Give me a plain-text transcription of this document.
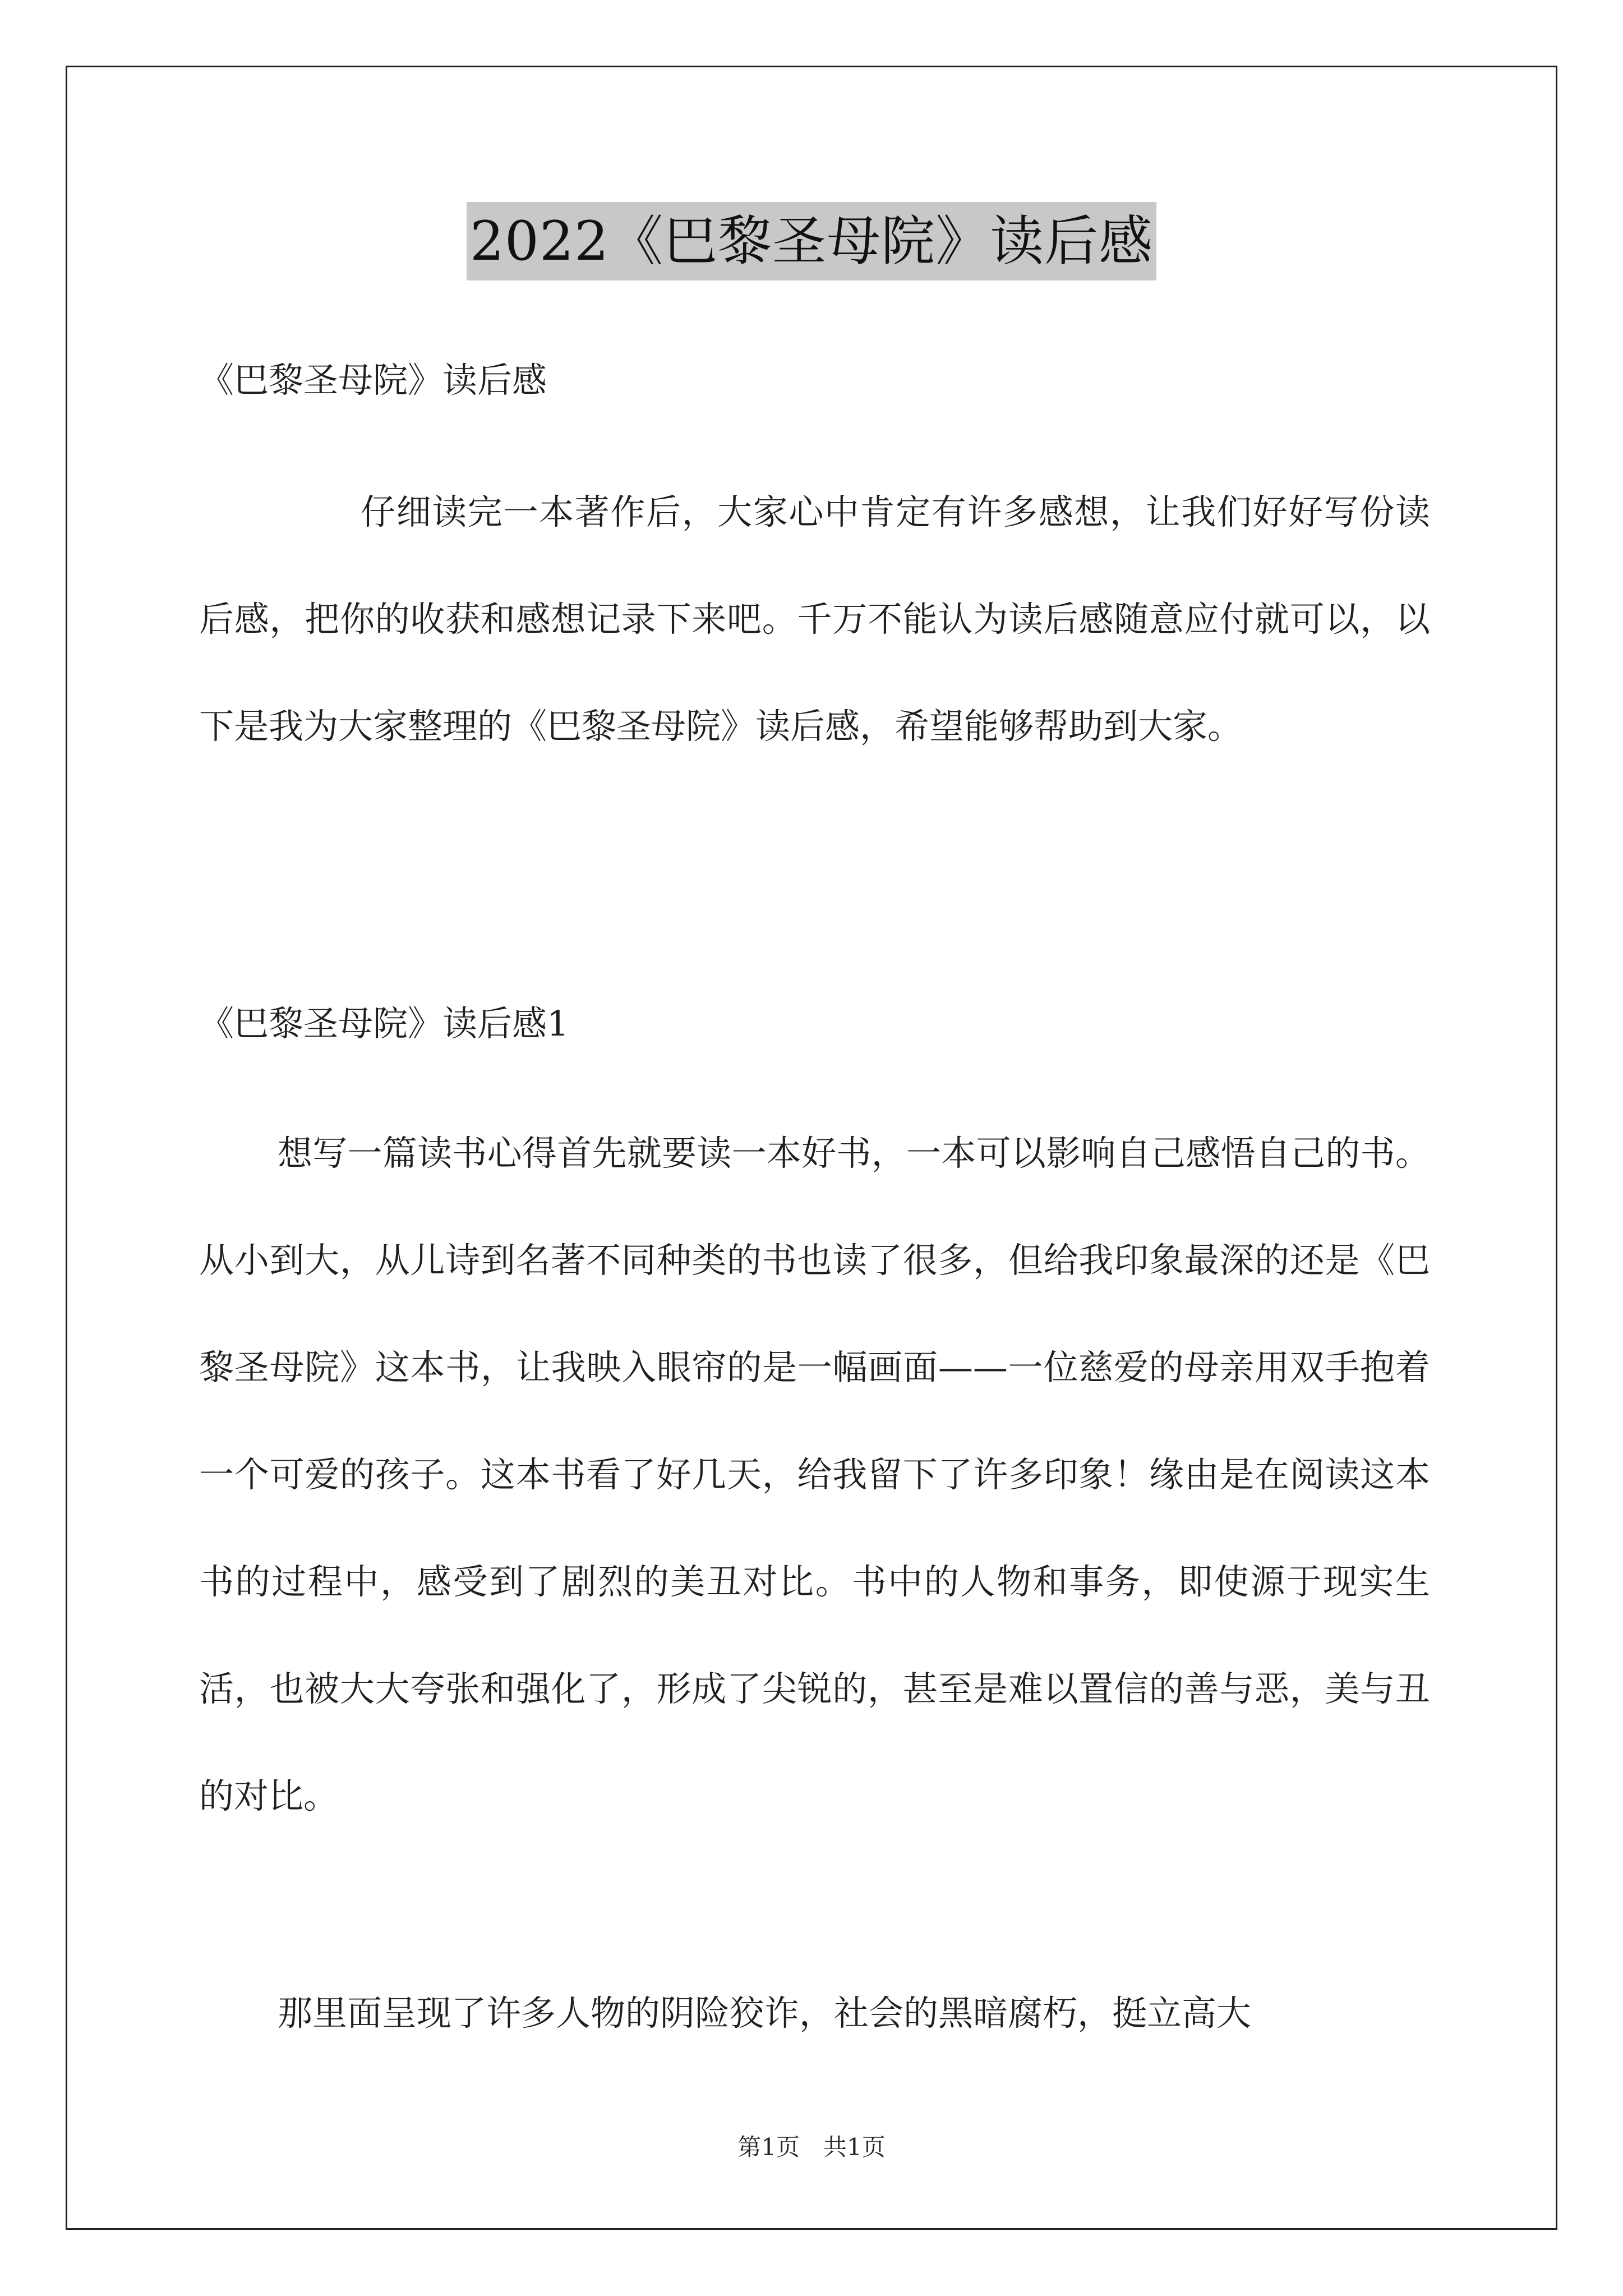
2022《巴黎圣母院》读后感
《巴黎圣母院》读后感
仔细读完一本著作后，大家心中肯定有许多感想，让我们好好写份读后感，把你的收获和感想记录下来吧。千万不能认为读后感随意应付就可以，以下是我为大家整理的《巴黎圣母院》读后感，希望能够帮助到大家。
《巴黎圣母院》读后感1
想写一篇读书心得首先就要读一本好书，一本可以影响自己感悟自己的书。从小到大，从儿诗到名著不同种类的书也读了很多，但给我印象最深的还是《巴黎圣母院》这本书，让我映入眼帘的是一幅画面——一位慈爱的母亲用双手抱着一个可爱的孩子。这本书看了好几天，给我留下了许多印象！缘由是在阅读这本书的过程中，感受到了剧烈的美丑对比。书中的人物和事务，即使源于现实生活，也被大大夸张和强化了，形成了尖锐的，甚至是难以置信的善与恶，美与丑的对比。
那里面呈现了许多人物的阴险狡诈，社会的黑暗腐朽，挺立高大
第1页　共1页
